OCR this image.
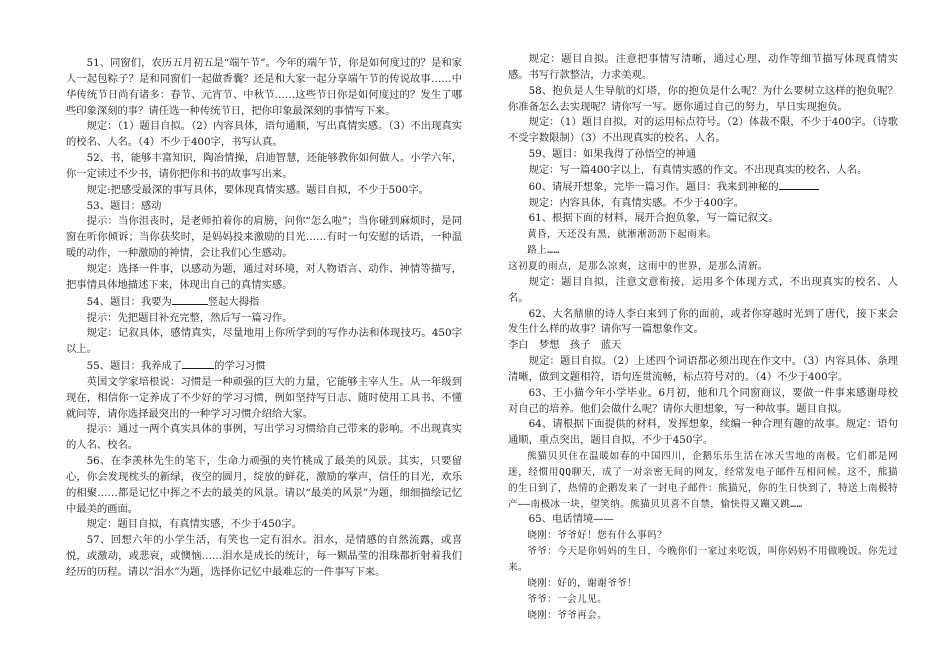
51、同窗们，农历五月初五是“端午节”。今年的端午节，你是如何度过的？是和家人一起包粽子？是和同窗们一起做香囊？还是和大家一起分享端午节的传说故事……中华传统节日尚有诸多：春节、元宵节、中秋节……这些节日你是如何度过的？发生了哪些印象深刻的事？请任选一种传统节日，把你印象最深刻的事情写下来。

规定：（1）题目自拟。（2）内容具体，语句通顺，写出真情实感。（3）不出现真实的校名、人名。（4）不少于400字，书写认真。

52、书，能够丰富知识，陶冶情操，启迪智慧，还能够教你如何做人。小学六年，你一定读过不少书，请你把你和书的故事写出来。

规定:把感受最深的事写具体，要体现真情实感。题目自拟，不少于500字。

53、题目：感动

提示：当你沮丧时，是老师拍着你的肩膀，问你“怎么啦”；当你碰到麻烦时，是同窗在听你倾诉；当你获奖时，是妈妈投来激励的目光……有时一句安慰的话语，一种温暖的动作，一种激励的神情，会让我们心生感动。

规定：选择一件事，以感动为题，通过对环境，对人物语言、动作、神情等描写，把事情具体地描述下来，体现出自己的真情实感。

54、题目：我要为	竖起大拇指

提示：先把题目补充完整，然后写一篇习作。

规定：记叙具体，感情真实，尽量地用上你所学到的写作办法和体现技巧。450字以上。

55、题目：我养成了	的学习习惯

英国文学家培根说：习惯是一种顽强的巨大的力量，它能够主宰人生。从一年级到现在，相信你一定养成了不少好的学习习惯，例如坚持写日志、随时使用工具书、不懂就问等，请你选择最突出的一种学习习惯介绍给大家。

提示：通过一两个真实具体的事例，写出学习习惯给自己带来的影响。不出现真实的人名、校名。

56、在李羡林先生的笔下，生命力顽强的夹竹桃成了最美的风景。其实，只要留心，你会发现枕头的新绿，夜空的圆月，绽放的鲜花，激励的掌声，信任的目光，欢乐的相聚……都是记忆中挥之不去的最美的风景。请以“最美的风景”为题，细细描绘记忆中最美的画面。

规定：题目自拟，有真情实感，不少于450字。

57、回想六年的小学生活，有笑也一定有泪水。泪水，是情感的自然流露，或喜悦，或激动，或悲哀，或懊恼……泪水是成长的统计，每一颗晶莹的泪珠都折射着我们经历的历程。请以“泪水”为题，选择你记忆中最难忘的一件事写下来。

规定：题目自拟。注意把事情写清晰，通过心理、动作等细节描写体现真情实感。书写行款整洁，力求美观。

58、抱负是人生导航的灯塔，你的抱负是什么呢？为什么要树立这样的抱负呢？你准备怎么去实现呢？请你写一写。愿你通过自己的努力，早日实现抱负。

规定：（1）题目自拟，对的运用标点符号。（2）体裁不限，不少于400字。（诗歌不受字数限制）（3）不出现真实的校名、人名。

59、题目：如果我得了孙悟空的神通

规定：写一篇400字以上，有真情实感的作文。不出现真实的校名、人名。

60、请展开想象，完毕一篇习作。题目：我来到神秘的

规定：内容具体，有真情实感。不少于400字。

61、根据下面的材料，展开合抱负象，写一篇记叙文。

黄昏，天还没有黑，就淅淅沥沥下起雨来。

路上……

这初夏的雨点，是那么凉爽，这雨中的世界，是那么清新。

规定：题目自拟，注意文意衔接，运用多个体现方式，不出现真实的校名、人名。

62、大名鼎鼎的诗人李白来到了你的面前，或者你穿越时光到了唐代，接下来会发生什么样的故事？请你写一篇想象作文。

李白　梦想　孩子　蓝天

规定：题目自拟。（2）上述四个词语都必须出现在作文中。（3）内容具体、条理清晰，做到文题相符，语句连贯流畅，标点符号对的。（4）不少于400字。

63、王小猫今年小学毕业。6月初，他和几个同窗商议，要做一件事来感谢母校对自己的培养。他们会做什么呢？请你大胆想象，写一种故事。题目自拟。

64、请根据下面提供的材料，发挥想象，续编一种合理有趣的故事。规定：语句通顺，重点突出，题目自拟，不少于450字。

熊猫贝贝住在温暖如春的中国四川，企鹅乐乐生活在冰天雪地的南极。它们都是网迷，经惯用QQ聊天，成了一对亲密无间的网友，经常发电子邮件互相问候。这不，熊猫的生日到了，热情的企鹅发来了一封电子邮件：熊猫兄，你的生日快到了，特送上南极特产——南极冰一块，望笑纳。熊猫贝贝喜不自禁，愉快得又蹦又跳……

65、电话情境——

晓刚：爷爷好！您有什么事吗？

爷爷：今天是你妈妈的生日，今晚你们一家过来吃饭，叫你妈妈不用做晚饭。你先过来。

晓刚：好的，谢谢爷爷！

爷爷：一会儿见。

晓刚：爷爷再会。
